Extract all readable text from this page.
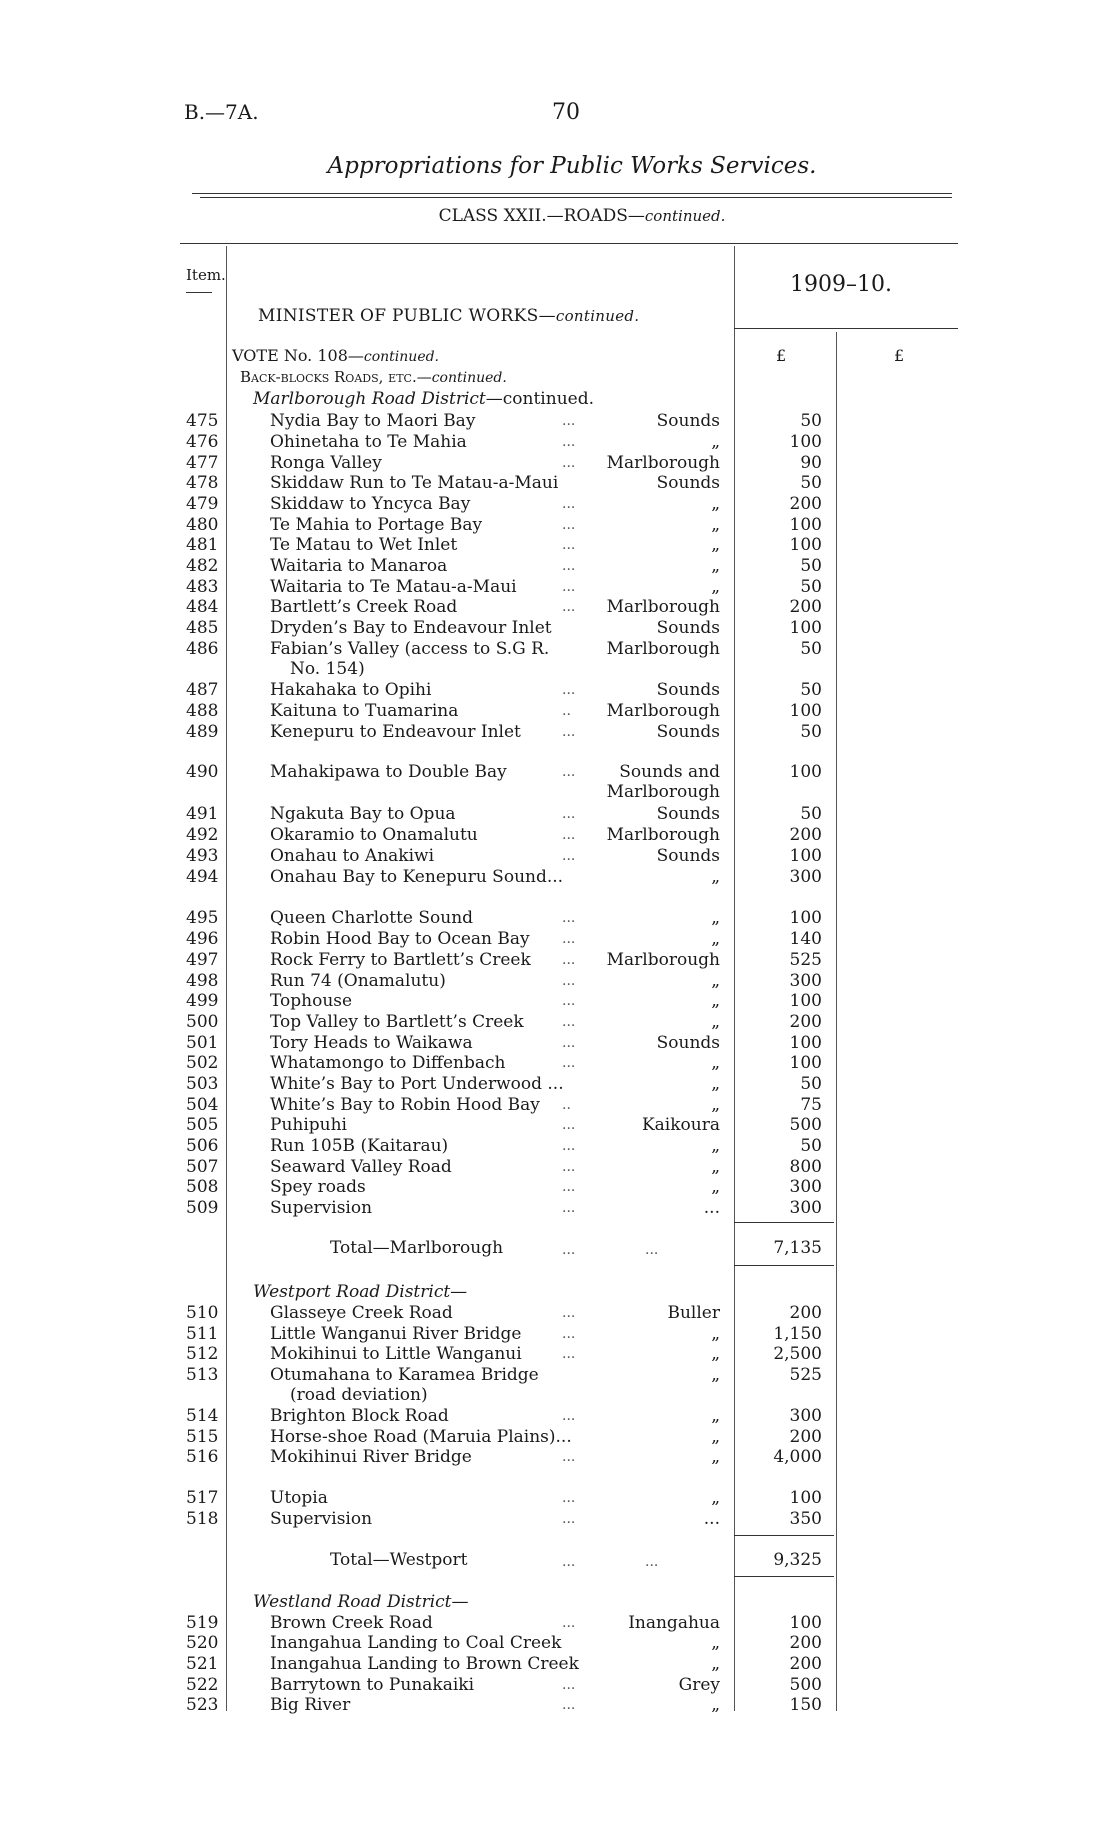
B.—7A.	70
Appropriations for Public Works Services.
CLASS XXII.—ROADS—continued.
Item.	1909–10.
MINISTER OF PUBLIC WORKS—continued.
£	£
VOTE No. 108—continued.
Back-blocks Roads, etc.—continued.
Marlborough Road District—continued.
475	Nydia Bay to Maori Bay	...	Sounds	50
476	Ohinetaha to Te Mahia	...	„	100
477	Ronga Valley	...	Marlborough	90
478	Skiddaw Run to Te Matau-a-Maui	Sounds	50
479	Skiddaw to Yncyca Bay	...	„	200
480	Te Mahia to Portage Bay	...	„	100
481	Te Matau to Wet Inlet	...	„	100
482	Waitaria to Manaroa	...	„	50
483	Waitaria to Te Matau-a-Maui	...	„	50
484	Bartlett’s Creek Road	...	Marlborough	200
485	Dryden’s Bay to Endeavour Inlet	Sounds	100
486	Fabian’s Valley (access to S.G R.	Marlborough	50
No. 154)
487	Hakahaka to Opihi	...	Sounds	50
488	Kaituna to Tuamarina	..	Marlborough	100
489	Kenepuru to Endeavour Inlet	...	Sounds	50
490	Mahakipawa to Double Bay	...	Sounds and	100
Marlborough
491	Ngakuta Bay to Opua	...	Sounds	50
492	Okaramio to Onamalutu	...	Marlborough	200
493	Onahau to Anakiwi	...	Sounds	100
494	Onahau Bay to Kenepuru Sound...	„	300
495	Queen Charlotte Sound	...	„	100
496	Robin Hood Bay to Ocean Bay	...	„	140
497	Rock Ferry to Bartlett’s Creek	...	Marlborough	525
498	Run 74 (Onamalutu)	...	„	300
499	Tophouse	...	„	100
500	Top Valley to Bartlett’s Creek	...	„	200
501	Tory Heads to Waikawa	...	Sounds	100
502	Whatamongo to Diffenbach	...	„	100
503	White’s Bay to Port Underwood ...	„	50
504	White’s Bay to Robin Hood Bay	..	„	75
505	Puhipuhi	...	Kaikoura	500
506	Run 105B (Kaitarau)	...	„	50
507	Seaward Valley Road	...	„	800
508	Spey roads	...	„	300
509	Supervision	...	...	300
Total—Marlborough	...	...	7,135
Westport Road District—
510	Glasseye Creek Road	...	Buller	200
511	Little Wanganui River Bridge	...	„	1,150
512	Mokihinui to Little Wanganui	...	„	2,500
513	Otumahana to Karamea Bridge	„	525
(road deviation)
514	Brighton Block Road	...	„	300
515	Horse-shoe Road (Maruia Plains)...	„	200
516	Mokihinui River Bridge	...	„	4,000
517	Utopia	...	„	100
518	Supervision	...	...	350
Total—Westport	...	...	9,325
Westland Road District—
519	Brown Creek Road	...	Inangahua	100
520	Inangahua Landing to Coal Creek	„	200
521	Inangahua Landing to Brown Creek	„	200
522	Barrytown to Punakaiki	...	Grey	500
523	Big River	...	„	150
